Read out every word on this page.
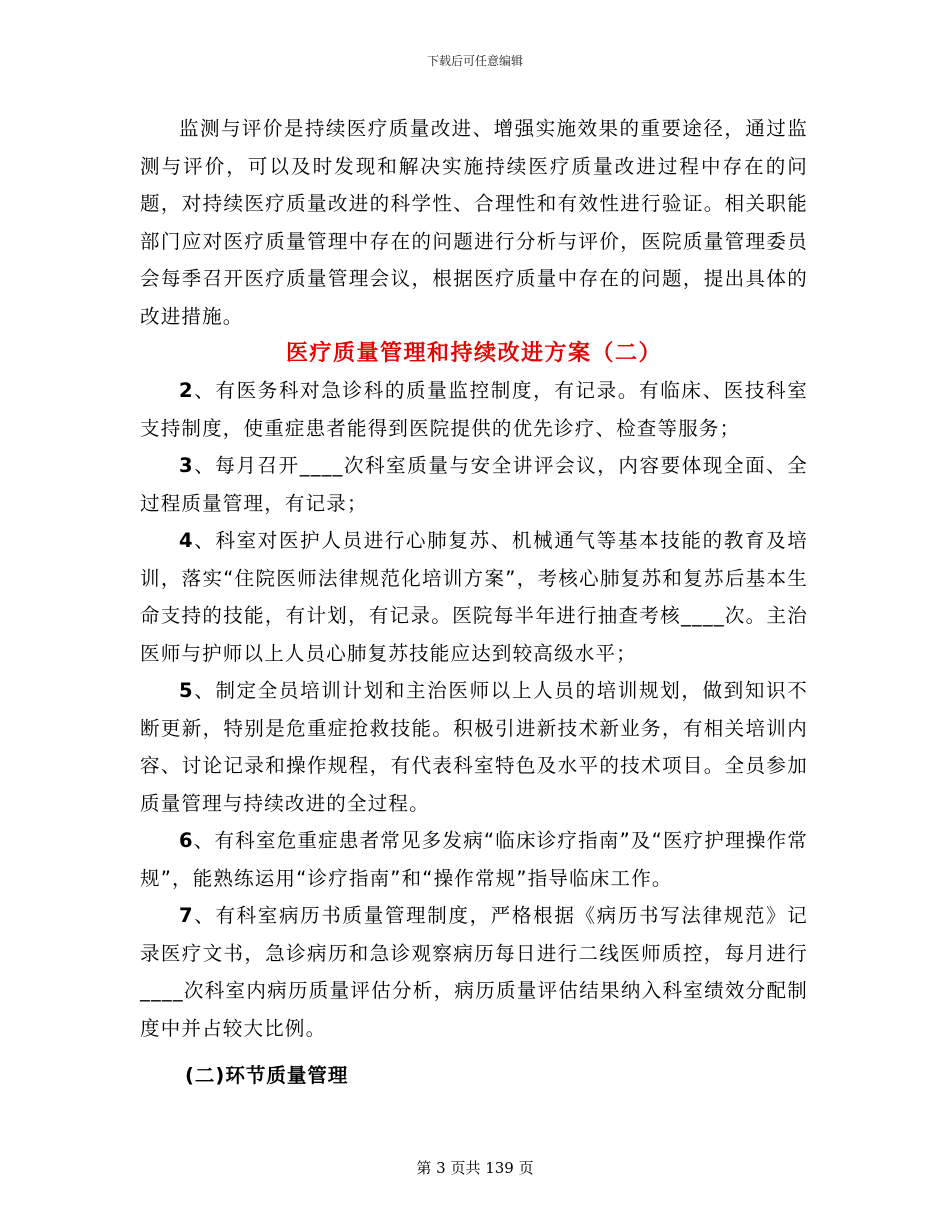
下载后可任意编辑

监测与评价是持续医疗质量改进、增强实施效果的重要途径，通过监测与评价，可以及时发现和解决实施持续医疗质量改进过程中存在的问题，对持续医疗质量改进的科学性、合理性和有效性进行验证。相关职能部门应对医疗质量管理中存在的问题进行分析与评价，医院质量管理委员会每季召开医疗质量管理会议，根据医疗质量中存在的问题，提出具体的改进措施。

医疗质量管理和持续改进方案（二）

2、有医务科对急诊科的质量监控制度，有记录。有临床、医技科室支持制度，使重症患者能得到医院提供的优先诊疗、检查等服务；

3、每月召开____次科室质量与安全讲评会议，内容要体现全面、全过程质量管理，有记录；

4、科室对医护人员进行心肺复苏、机械通气等基本技能的教育及培训，落实“住院医师法律规范化培训方案”，考核心肺复苏和复苏后基本生命支持的技能，有计划，有记录。医院每半年进行抽查考核____次。主治医师与护师以上人员心肺复苏技能应达到较高级水平；

5、制定全员培训计划和主治医师以上人员的培训规划，做到知识不断更新，特别是危重症抢救技能。积极引进新技术新业务，有相关培训内容、讨论记录和操作规程，有代表科室特色及水平的技术项目。全员参加质量管理与持续改进的全过程。

6、有科室危重症患者常见多发病“临床诊疗指南”及“医疗护理操作常规”，能熟练运用“诊疗指南”和“操作常规”指导临床工作。

7、有科室病历书质量管理制度，严格根据《病历书写法律规范》记录医疗文书，急诊病历和急诊观察病历每日进行二线医师质控，每月进行____次科室内病历质量评估分析，病历质量评估结果纳入科室绩效分配制度中并占较大比例。

(二)环节质量管理
第 3 页共 139 页
